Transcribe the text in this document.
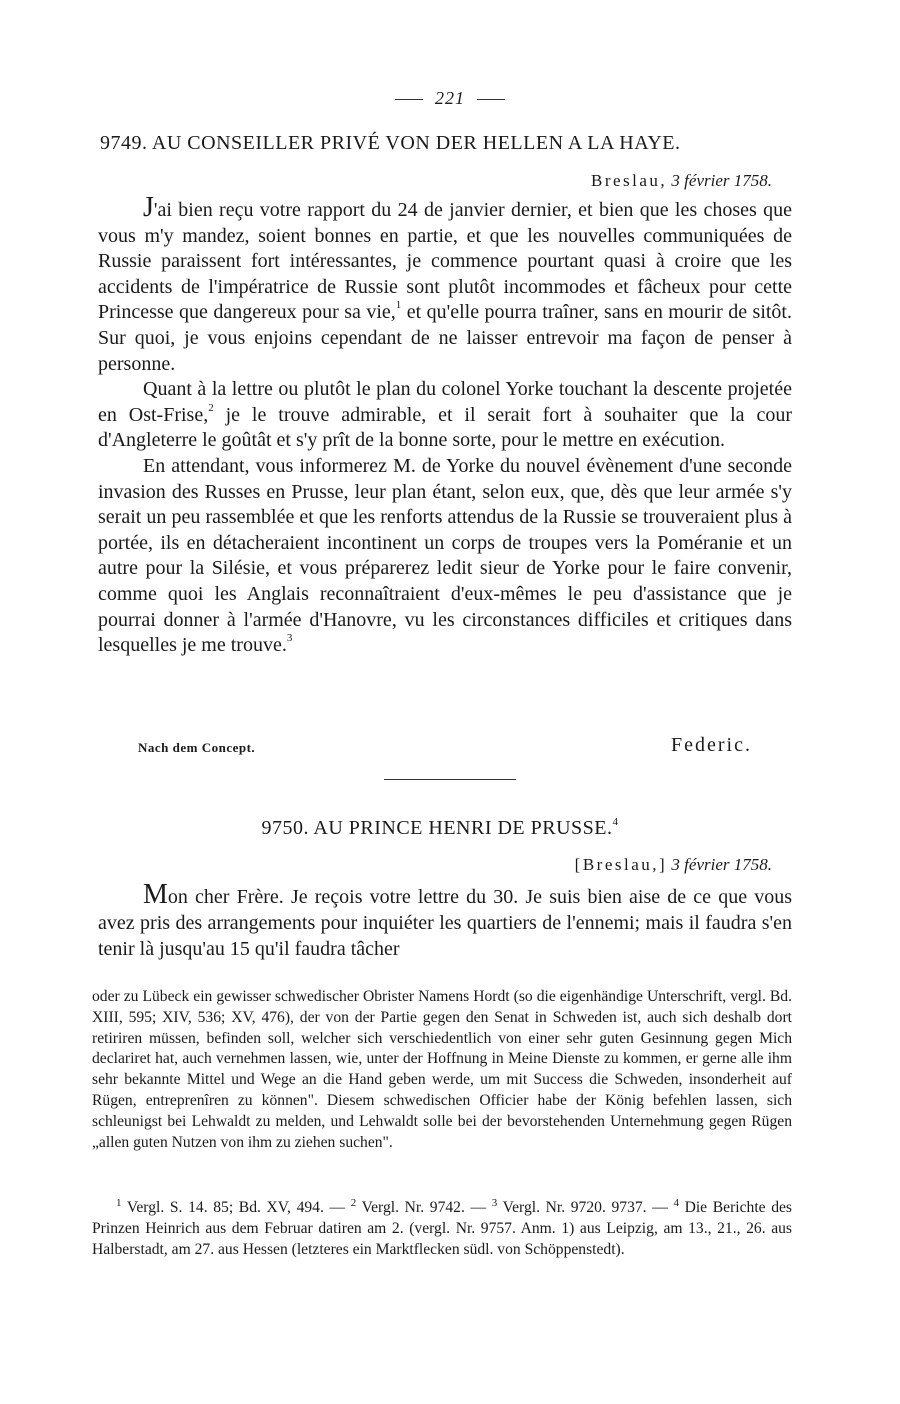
221
9749. AU CONSEILLER PRIVÉ VON DER HELLEN A LA HAYE.
Breslau, 3 février 1758.

J'ai bien reçu votre rapport du 24 de janvier dernier, et bien que les choses que vous m'y mandez, soient bonnes en partie, et que les nouvelles communiquées de Russie paraissent fort intéressantes, je commence pourtant quasi à croire que les accidents de l'impératrice de Russie sont plutôt incommodes et fâcheux pour cette Princesse que dangereux pour sa vie,$^1$ et qu'elle pourra traîner, sans en mourir de sitôt. Sur quoi, je vous enjoins cependant de ne laisser entrevoir ma façon de penser à personne.

Quant à la lettre ou plutôt le plan du colonel Yorke touchant la descente projetée en Ost-Frise,$^2$ je le trouve admirable, et il serait fort à souhaiter que la cour d'Angleterre le goûtât et s'y prît de la bonne sorte, pour le mettre en exécution.

En attendant, vous informerez M. de Yorke du nouvel évènement d'une seconde invasion des Russes en Prusse, leur plan étant, selon eux, que, dès que leur armée s'y serait un peu rassemblée et que les renforts attendus de la Russie se trouveraient plus à portée, ils en détacheraient incontinent un corps de troupes vers la Poméranie et un autre pour la Silésie, et vous préparerez ledit sieur de Yorke pour le faire convenir, comme quoi les Anglais reconnaîtraient d'eux-mêmes le peu d'assistance que je pourrai donner à l'armée d'Hanovre, vu les circonstances difficiles et critiques dans lesquelles je me trouve.$^3$

Nach dem Concept.	Federic.
9750. AU PRINCE HENRI DE PRUSSE.$^4$
[Breslau,] 3 février 1758.

Mon cher Frère. Je reçois votre lettre du 30. Je suis bien aise de ce que vous avez pris des arrangements pour inquiéter les quartiers de l'ennemi; mais il faudra s'en tenir là jusqu'au 15 qu'il faudra tâcher

oder zu Lübeck ein gewisser schwedischer Obrister Namens Hordt (so die eigenhändige Unterschrift, vergl. Bd. XIII, 595; XIV, 536; XV, 476), der von der Partie gegen den Senat in Schweden ist, auch sich deshalb dort retiriren müssen, befinden soll, welcher sich verschiedentlich von einer sehr guten Gesinnung gegen Mich declariret hat, auch vernehmen lassen, wie, unter der Hoffnung in Meine Dienste zu kommen, er gerne alle ihm sehr bekannte Mittel und Wege an die Hand geben werde, um mit Success die Schweden, insonderheit auf Rügen, entreprenîren zu können". Diesem schwedischen Officier habe der König befehlen lassen, sich schleunigst bei Lehwaldt zu melden, und Lehwaldt solle bei der bevorstehenden Unternehmung gegen Rügen „allen guten Nutzen von ihm zu ziehen suchen".

$^1$ Vergl. S. 14. 85; Bd. XV, 494. — $^2$ Vergl. Nr. 9742. — $^3$ Vergl. Nr. 9720. 9737. — $^4$ Die Berichte des Prinzen Heinrich aus dem Februar datiren am 2. (vergl. Nr. 9757. Anm. 1) aus Leipzig, am 13., 21., 26. aus Halberstadt, am 27. aus Hessen (letzteres ein Marktflecken südl. von Schöppenstedt).
